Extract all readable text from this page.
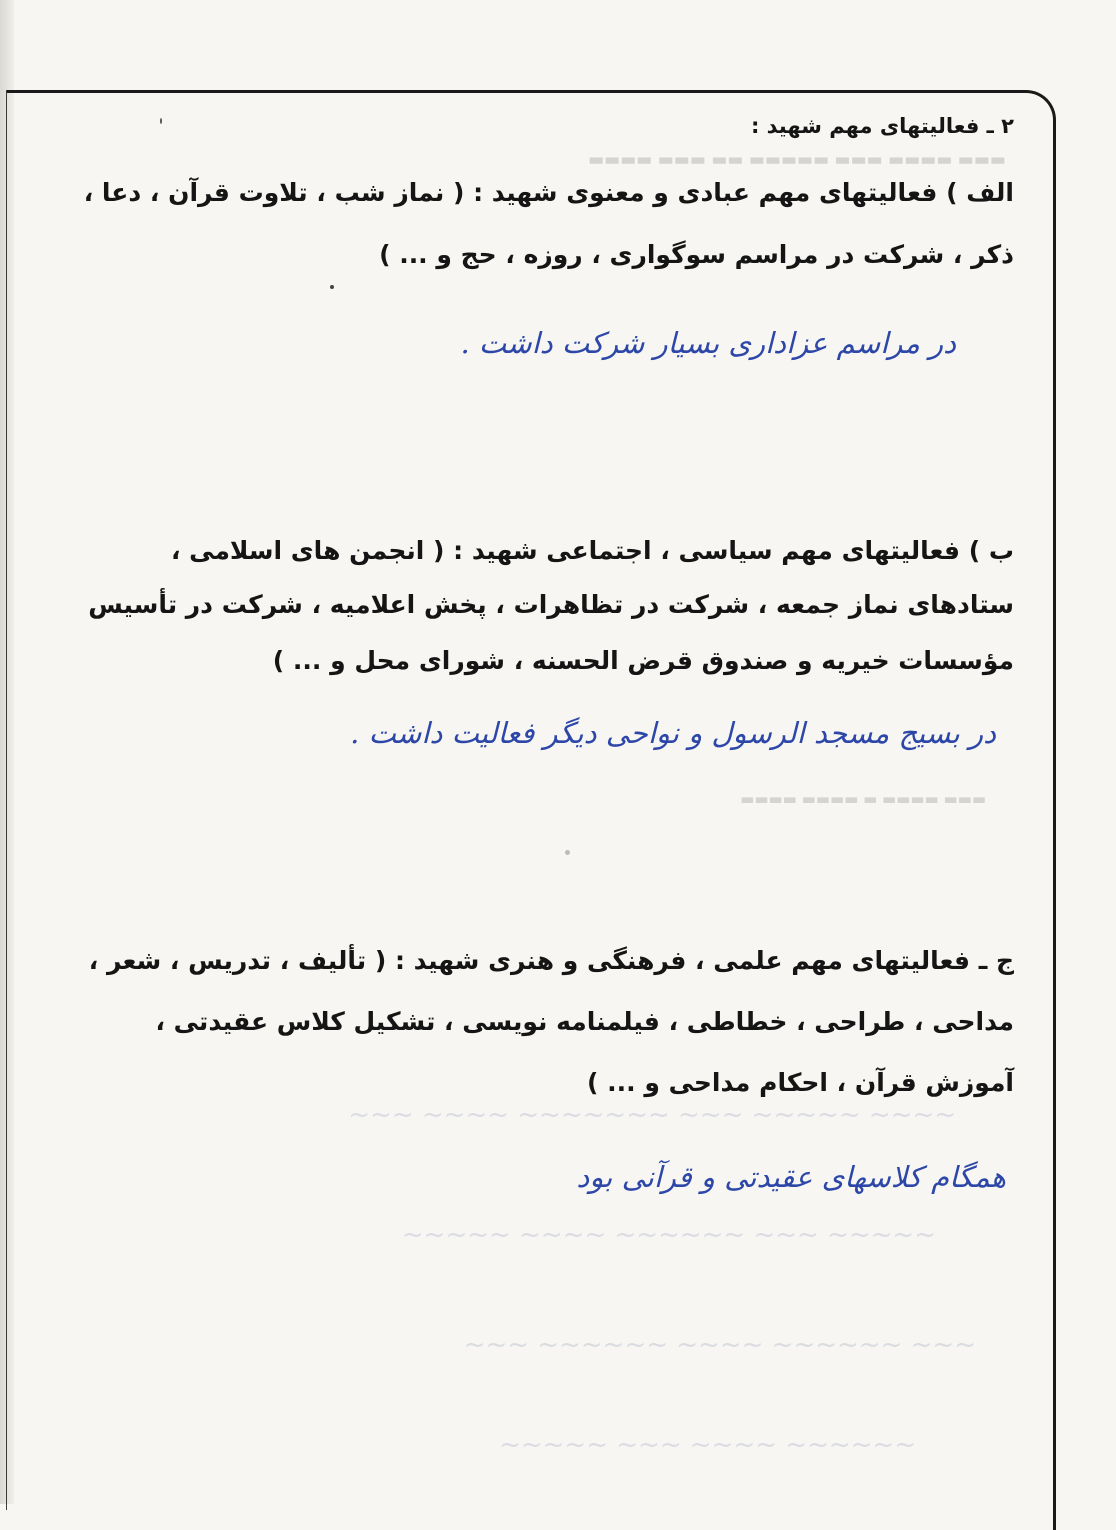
▬▬▬ ▬▬▬▬ ▬▬▬ ▬▬▬▬▬ ▬▬ ▬▬▬ ▬▬▬▬
▬▬▬ ▬▬▬▬ ▬ ▬▬▬▬ ▬▬▬▬
~~~~ ~~~~~ ~~~ ~~~~~~~ ~~~~ ~~~
~~~~~ ~~~ ~~~~~~ ~~~~ ~~~~~
~~~ ~~~~~~ ~~~~ ~~~~~~ ~~~
~~~~~~ ~~~~ ~~~ ~~~~~
۲ ـ فعالیتهای مهم شهید :
الف ) فعالیتهای مهم عبادی و معنوی شهید : ( نماز شب ، تلاوت قرآن ، دعا ،
ذکر ، شرکت در مراسم سوگواری ، روزه ، حج و ... )
در مراسم عزاداری بسیار شرکت داشت .
ب ) فعالیتهای مهم سیاسی ، اجتماعی شهید : ( انجمن های اسلامی ،
ستادهای نماز جمعه ، شرکت در تظاهرات ، پخش اعلامیه ، شرکت در تأسیس
مؤسسات خیریه و صندوق قرض الحسنه ، شورای محل و ... )
در بسیج مسجد الرسول و نواحی دیگر فعالیت داشت .
ج ـ فعالیتهای مهم علمی ، فرهنگی و هنری شهید : ( تألیف ، تدریس ، شعر ،
مداحی ، طراحی ، خطاطی ، فیلمنامه نویسی ، تشکیل کلاس عقیدتی ،
آموزش قرآن ، احکام مداحی و ... )
همگام کلاسهای عقیدتی و قرآنی بود
